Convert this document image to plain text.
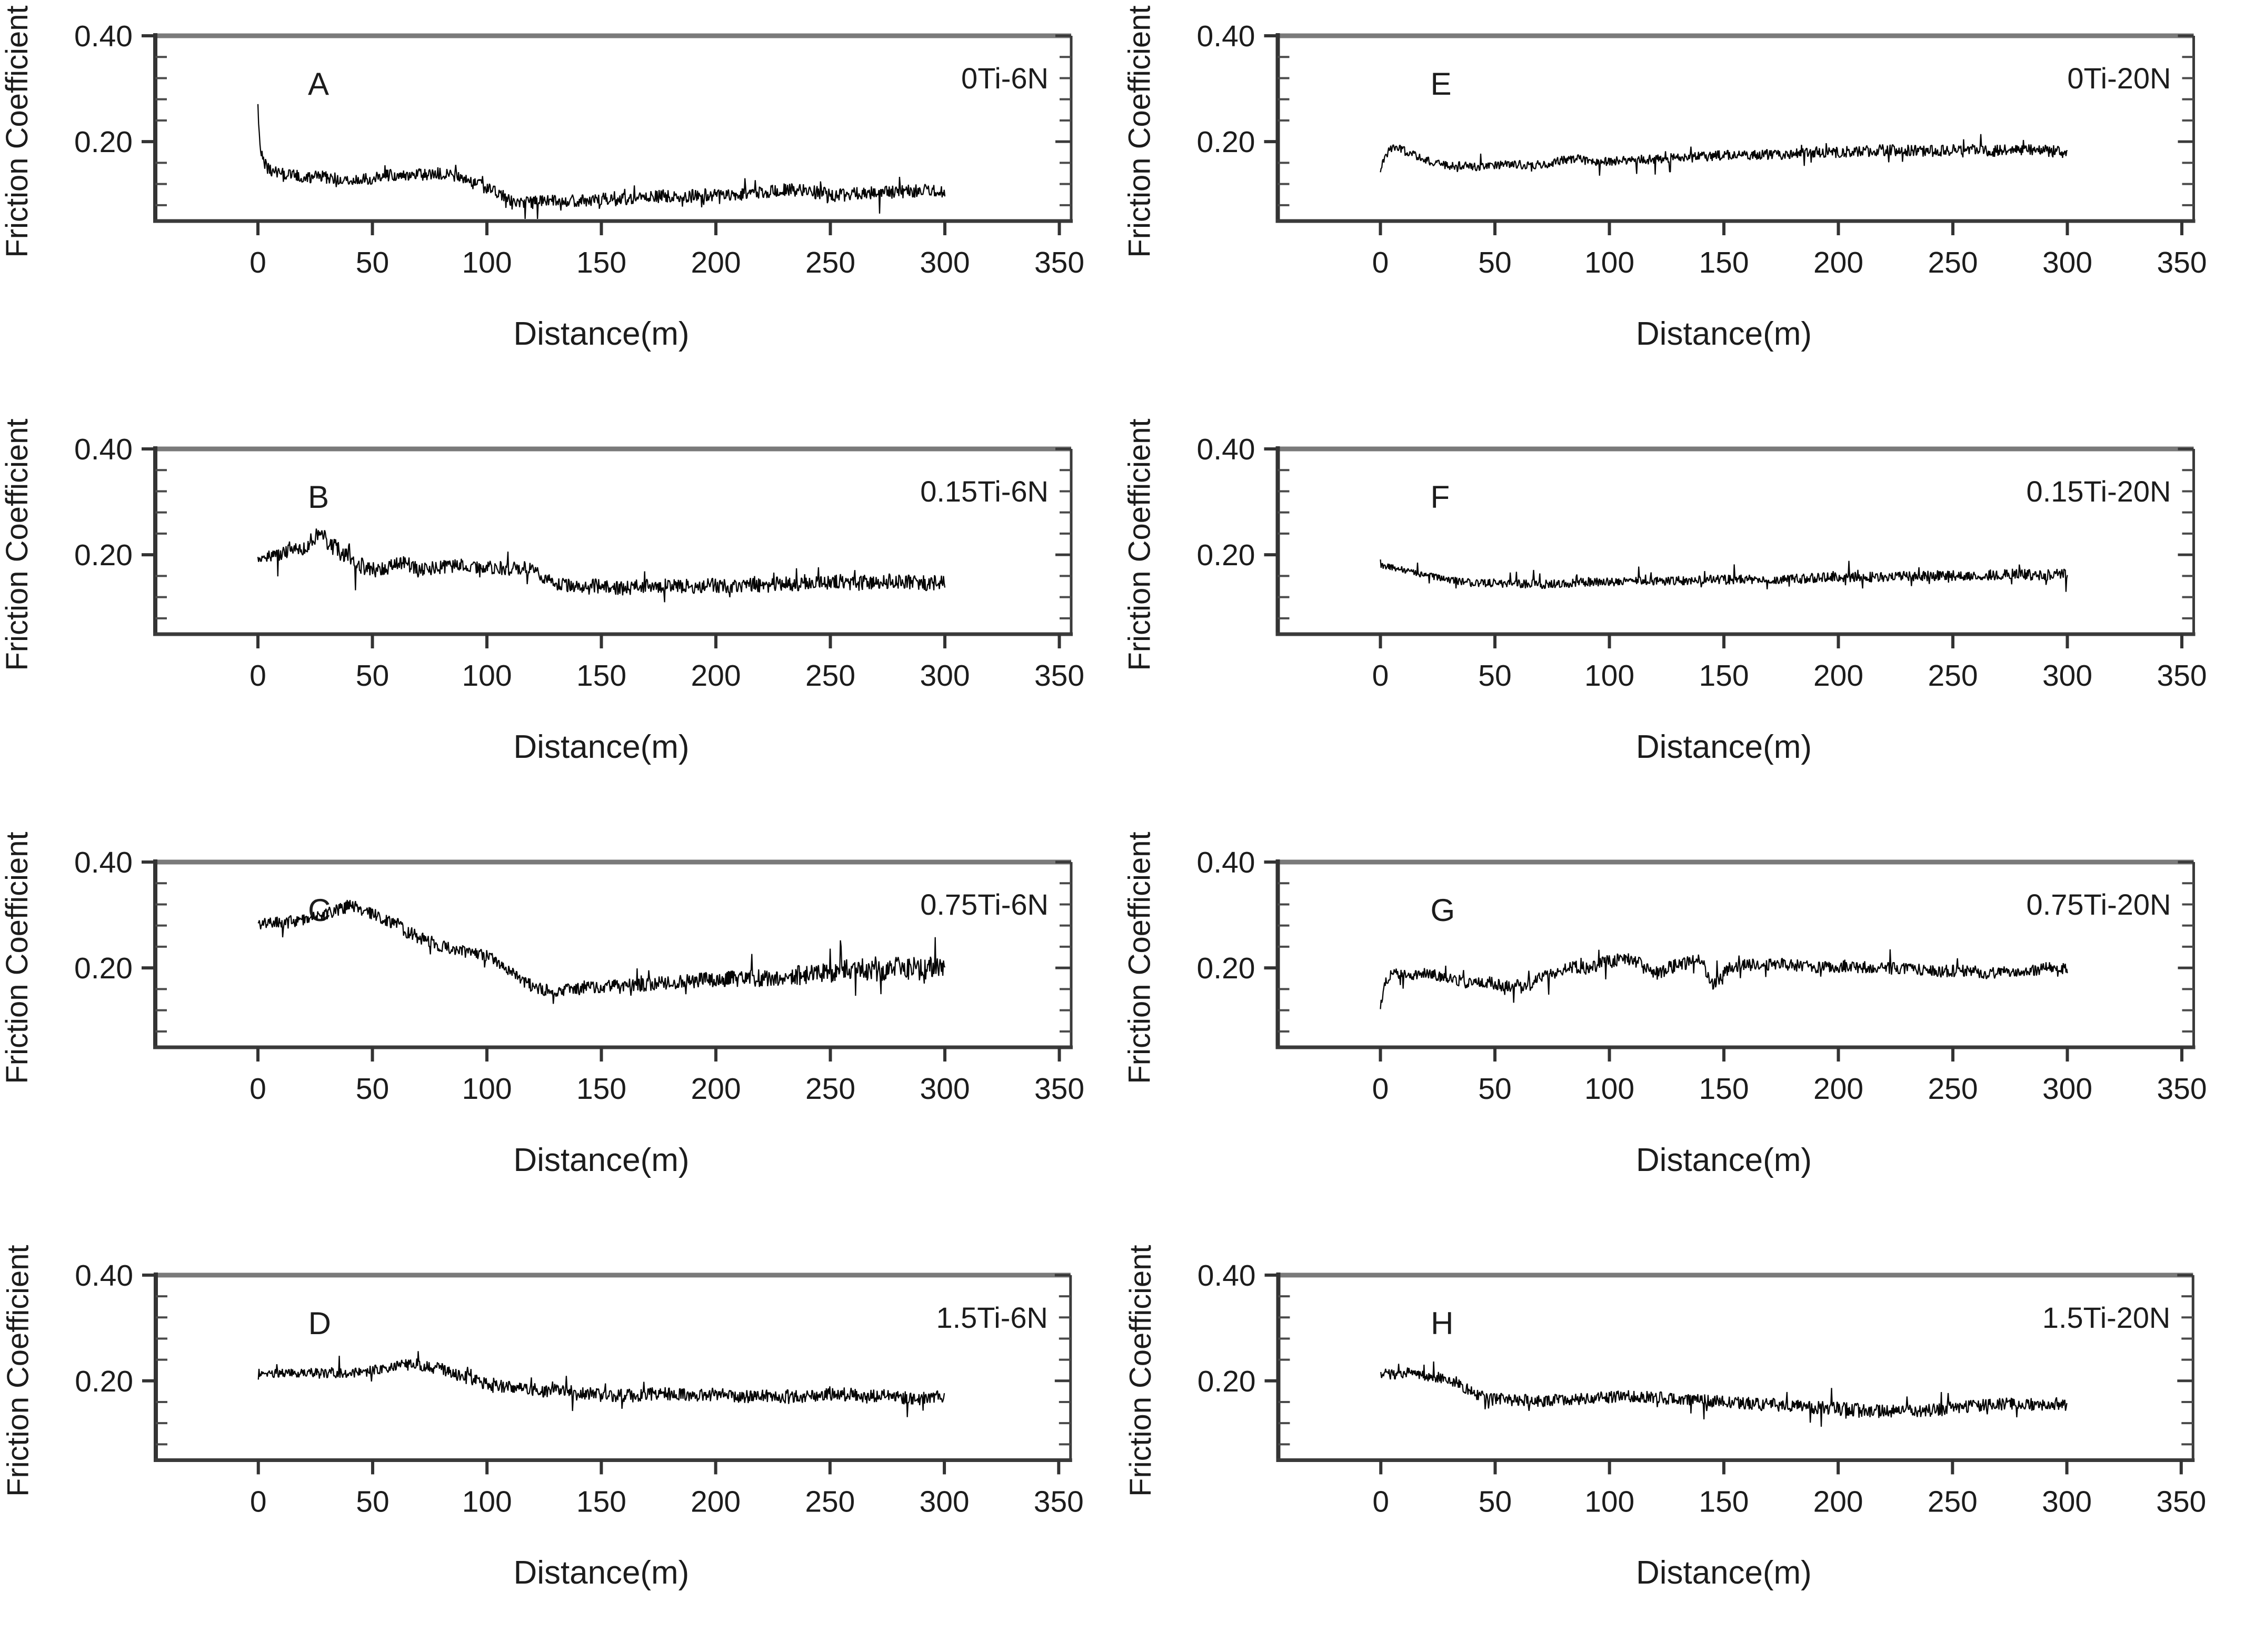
Friction Coefficient 0.20
0.40
0	50 100 150 200 250 300 350
Distance(m)
A	0Ti-6N Friction Coefficient 0.20
0.40
0	50 100 150 200 250 300 350
Distance(m)
E	0Ti-20N
Friction Coefficient 0.20
0.40
0	50 100 150 200 250 300 350
Distance(m)
B	0.15Ti-6N Friction Coefficient 0.20
0.40
0	50 100 150 200 250 300 350
Distance(m)
F	0.15Ti-20N
Friction Coefficient 0.20
0.40
0	50 100 150 200 250 300 350
Distance(m)
C	0.75Ti-6N Friction Coefficient 0.20
0.40
0	50 100 150 200 250 300 350
Distance(m)
G	0.75Ti-20N
Friction Coefficient 0.20
0.40
0	50 100 150 200 250 300 350
Distance(m)
D	1.5Ti-6N Friction Coefficient 0.20
0.40
0	50 100 150 200 250 300 350
Distance(m)
H	1.5Ti-20N
